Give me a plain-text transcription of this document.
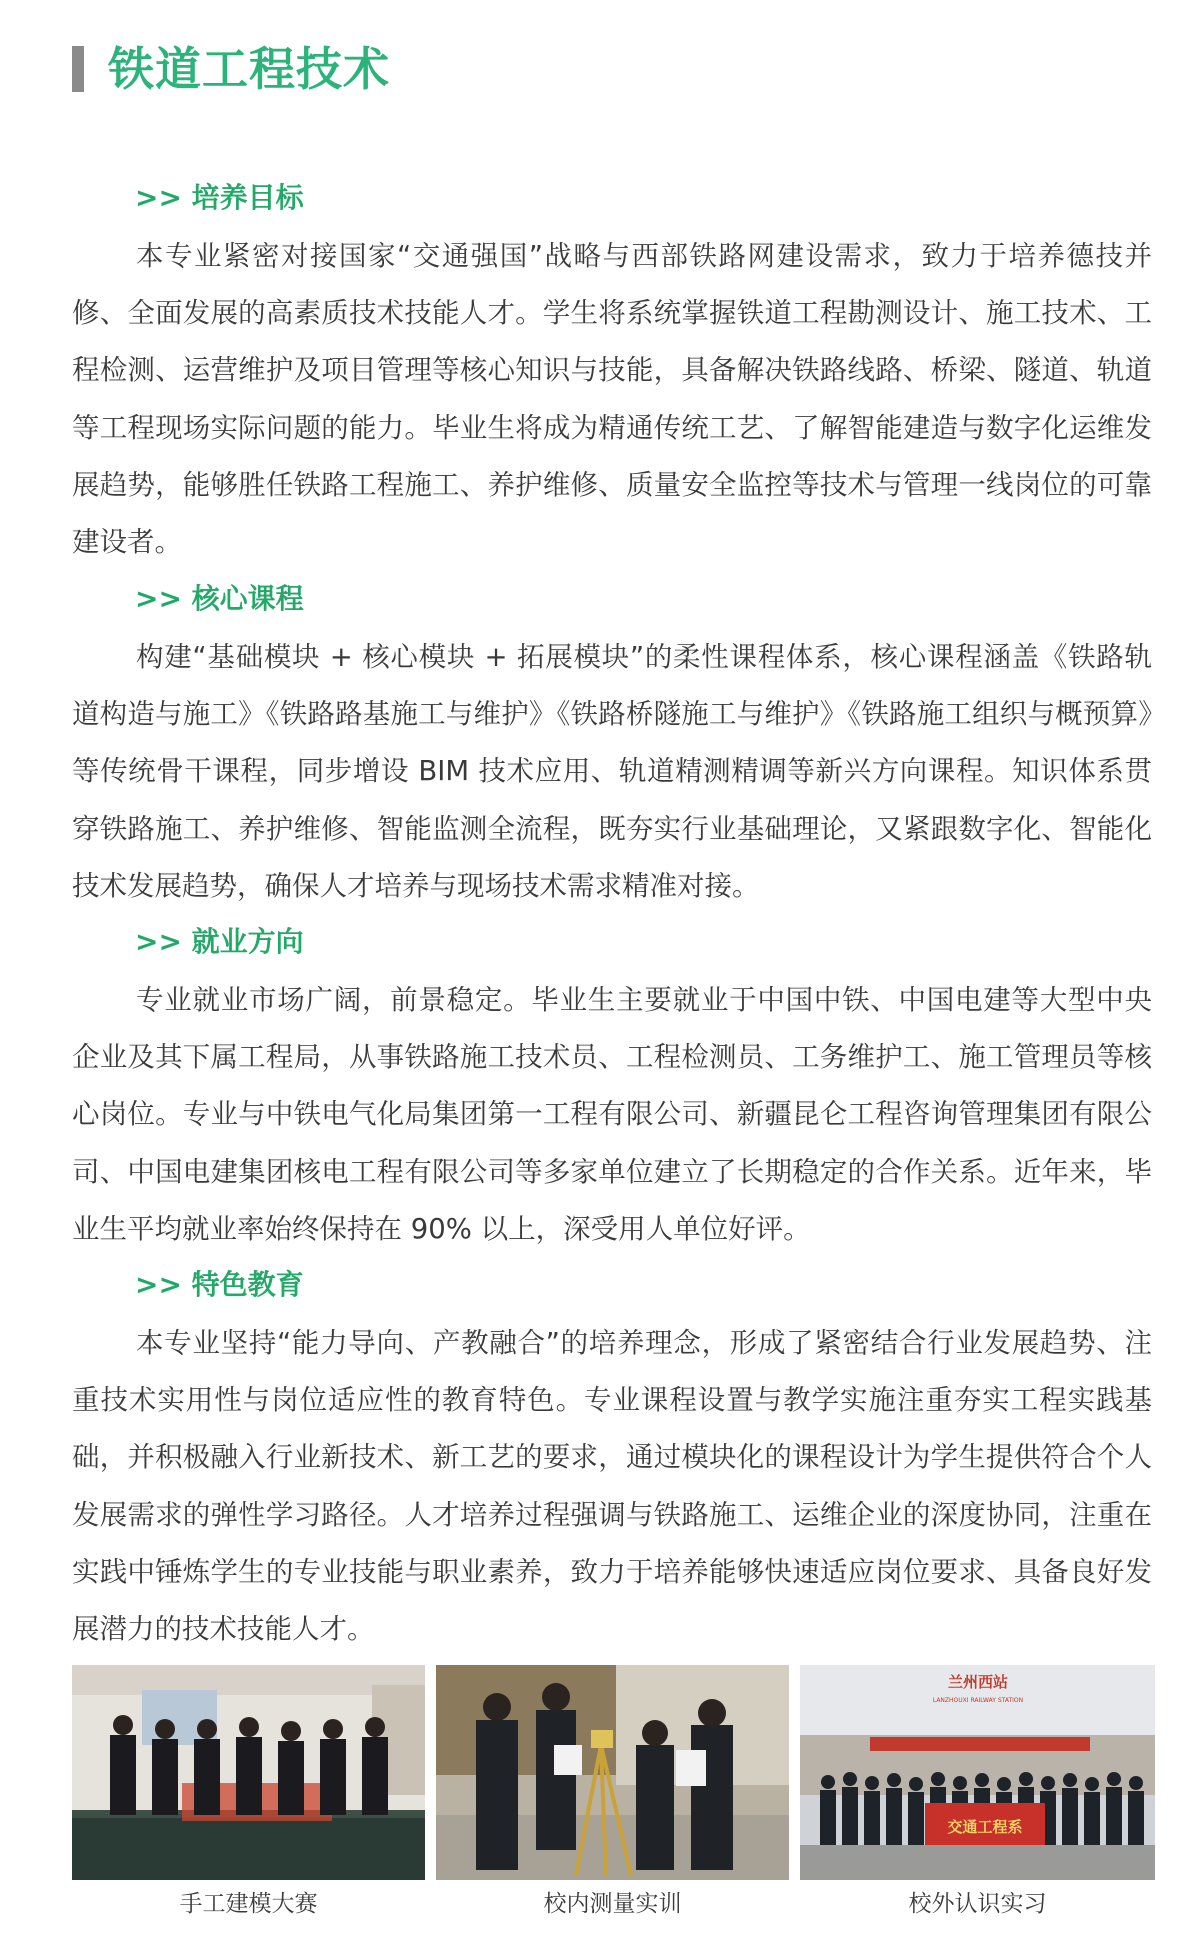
铁道工程技术
>> 培养目标

本专业紧密对接国家“交通强国”战略与西部铁路网建设需求，致力于培养德技并修、全面发展的高素质技术技能人才。学生将系统掌握铁道工程勘测设计、施工技术、工程检测、运营维护及项目管理等核心知识与技能，具备解决铁路线路、桥梁、隧道、轨道等工程现场实际问题的能力。毕业生将成为精通传统工艺、了解智能建造与数字化运维发展趋势，能够胜任铁路工程施工、养护维修、质量安全监控等技术与管理一线岗位的可靠建设者。

>> 核心课程

构建“基础模块 + 核心模块 + 拓展模块”的柔性课程体系，核心课程涵盖《铁路轨道构造与施工》《铁路路基施工与维护》《铁路桥隧施工与维护》《铁路施工组织与概预算》等传统骨干课程，同步增设 BIM 技术应用、轨道精测精调等新兴方向课程。知识体系贯穿铁路施工、养护维修、智能监测全流程，既夯实行业基础理论，又紧跟数字化、智能化技术发展趋势，确保人才培养与现场技术需求精准对接。

>> 就业方向

专业就业市场广阔，前景稳定。毕业生主要就业于中国中铁、中国电建等大型中央企业及其下属工程局，从事铁路施工技术员、工程检测员、工务维护工、施工管理员等核心岗位。专业与中铁电气化局集团第一工程有限公司、新疆昆仑工程咨询管理集团有限公司、中国电建集团核电工程有限公司等多家单位建立了长期稳定的合作关系。近年来，毕业生平均就业率始终保持在 90% 以上，深受用人单位好评。

>> 特色教育

本专业坚持“能力导向、产教融合”的培养理念，形成了紧密结合行业发展趋势、注重技术实用性与岗位适应性的教育特色。专业课程设置与教学实施注重夯实工程实践基础，并积极融入行业新技术、新工艺的要求，通过模块化的课程设计为学生提供符合个人发展需求的弹性学习路径。人才培养过程强调与铁路施工、运维企业的深度协同，注重在实践中锤炼学生的专业技能与职业素养，致力于培养能够快速适应岗位要求、具备良好发展潜力的技术技能人才。

手工建模大赛	校内测量实训
兰州西站
LANZHOUXI RAILWAY STATION
交通工程系
校外认识实习
